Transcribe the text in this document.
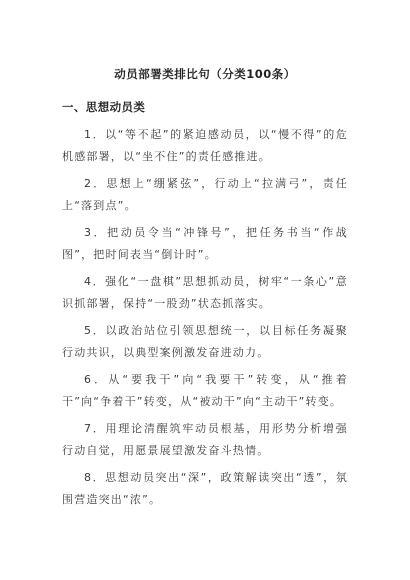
动员部署类排比句（分类100条）
一、思想动员类

1．以“等不起”的紧迫感动员，以“慢不得”的危机感部署，以“坐不住”的责任感推进。

2．思想上“绷紧弦”，行动上“拉满弓”，责任上“落到点”。

3．把动员令当“冲锋号”，把任务书当“作战图”，把时间表当“倒计时”。

4．强化“一盘棋”思想抓动员，树牢“一条心”意识抓部署，保持“一股劲”状态抓落实。

5．以政治站位引领思想统一，以目标任务凝聚行动共识，以典型案例激发奋进动力。

6．从“要我干”向“我要干”转变，从“推着干”向“争着干”转变，从“被动干”向“主动干”转变。

7．用理论清醒筑牢动员根基，用形势分析增强行动自觉，用愿景展望激发奋斗热情。

8．思想动员突出“深”，政策解读突出“透”，氛围营造突出“浓”。
